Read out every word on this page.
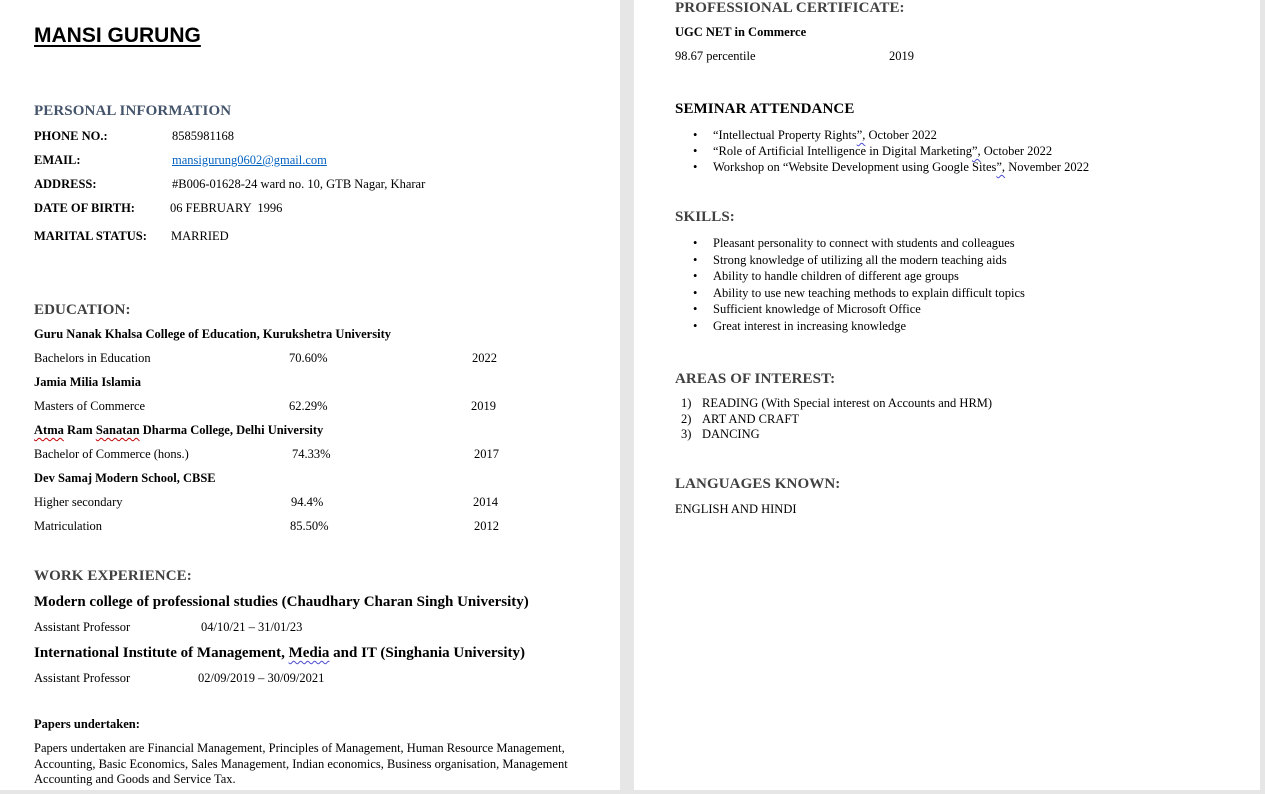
MANSI GURUNG
PERSONAL INFORMATION
PHONE NO.:	8585981168
EMAIL:	mansigurung0602@gmail.com
ADDRESS:	#B006-01628-24 ward no. 10, GTB Nagar, Kharar
DATE OF BIRTH:	06 FEBRUARY  1996
MARITAL STATUS: MARRIED
EDUCATION:
Guru Nanak Khalsa College of Education, Kurukshetra University
Bachelors in Education	70.60%	2022
Jamia Milia Islamia
Masters of Commerce	62.29%	2019
Atma Ram Sanatan Dharma College, Delhi University
Bachelor of Commerce (hons.)	74.33%	2017
Dev Samaj Modern School, CBSE
Higher secondary	94.4%	2014
Matriculation	85.50%	2012
WORK EXPERIENCE:
Modern college of professional studies (Chaudhary Charan Singh University)
Assistant Professor	04/10/21 – 31/01/23
International Institute of Management, Media and IT (Singhania University)
Assistant Professor	02/09/2019 – 30/09/2021
Papers undertaken:
Papers undertaken are Financial Management, Principles of Management, Human Resource Management, Accounting, Basic Economics, Sales Management, Indian economics, Business organisation, Management Accounting and Goods and Service Tax.
PROFESSIONAL CERTIFICATE:
UGC NET in Commerce
98.67 percentile	2019
SEMINAR ATTENDANCE
• “Intellectual Property Rights”, October 2022
• “Role of Artificial Intelligence in Digital Marketing”, October 2022
• Workshop on “Website Development using Google Sites”, November 2022
SKILLS:
• Pleasant personality to connect with students and colleagues
• Strong knowledge of utilizing all the modern teaching aids
• Ability to handle children of different age groups
• Ability to use new teaching methods to explain difficult topics
• Sufficient knowledge of Microsoft Office
• Great interest in increasing knowledge
AREAS OF INTEREST:
1) READING (With Special interest on Accounts and HRM)
2) ART AND CRAFT
3) DANCING
LANGUAGES KNOWN:
ENGLISH AND HINDI
